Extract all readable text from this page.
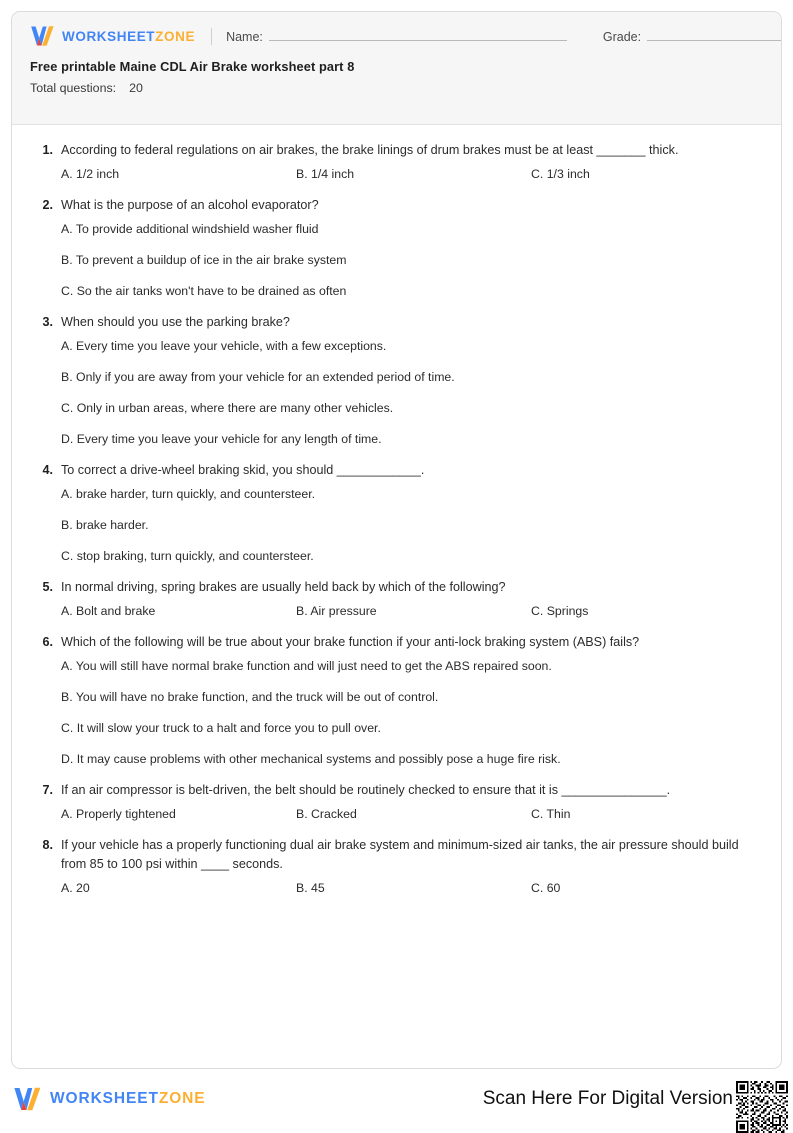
WORKSHEETZONE Name:	Grade:
Free printable Maine CDL Air Brake worksheet part 8
Total questions: 20
1. According to federal regulations on air brakes, the brake linings of drum brakes must be at least _______ thick.
A. 1/2 inch	B. 1/4 inch	C. 1/3 inch
2. What is the purpose of an alcohol evaporator?
A. To provide additional windshield washer fluid
B. To prevent a buildup of ice in the air brake system
C. So the air tanks won't have to be drained as often
3. When should you use the parking brake?
A. Every time you leave your vehicle, with a few exceptions.
B. Only if you are away from your vehicle for an extended period of time.
C. Only in urban areas, where there are many other vehicles.
D. Every time you leave your vehicle for any length of time.
4. To correct a drive-wheel braking skid, you should ____________.
A. brake harder, turn quickly, and countersteer.
B. brake harder.
C. stop braking, turn quickly, and countersteer.
5. In normal driving, spring brakes are usually held back by which of the following?
A. Bolt and brake	B. Air pressure	C. Springs
6. Which of the following will be true about your brake function if your anti-lock braking system (ABS) fails?
A. You will still have normal brake function and will just need to get the ABS repaired soon.
B. You will have no brake function, and the truck will be out of control.
C. It will slow your truck to a halt and force you to pull over.
D. It may cause problems with other mechanical systems and possibly pose a huge fire risk.
7. If an air compressor is belt-driven, the belt should be routinely checked to ensure that it is _______________.
A. Properly tightened	B. Cracked	C. Thin
8. If your vehicle has a properly functioning dual air brake system and minimum-sized air tanks, the air pressure should build from 85 to 100 psi within ____ seconds.
A. 20	B. 45	C. 60
WORKSHEETZONE	Scan Here For Digital Version
